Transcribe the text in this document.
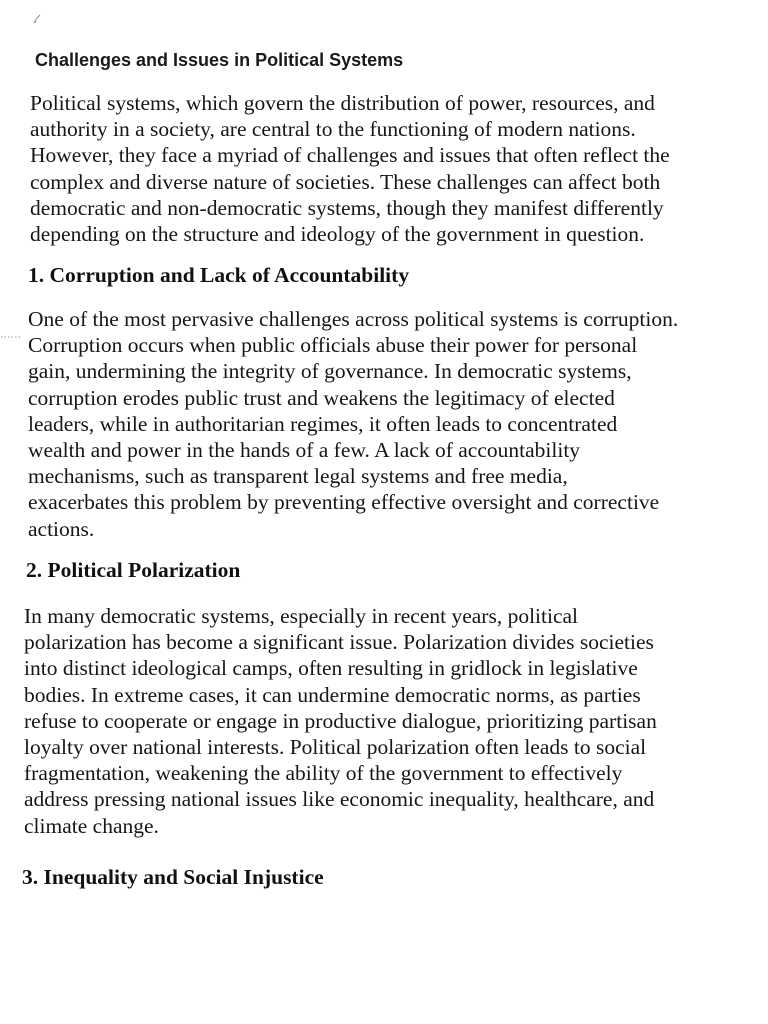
Challenges and Issues in Political Systems

Political systems, which govern the distribution of power, resources, and
authority in a society, are central to the functioning of modern nations.
However, they face a myriad of challenges and issues that often reflect the
complex and diverse nature of societies. These challenges can affect both
democratic and non-democratic systems, though they manifest differently
depending on the structure and ideology of the government in question.

1. Corruption and Lack of Accountability

One of the most pervasive challenges across political systems is corruption.
Corruption occurs when public officials abuse their power for personal
gain, undermining the integrity of governance. In democratic systems,
corruption erodes public trust and weakens the legitimacy of elected
leaders, while in authoritarian regimes, it often leads to concentrated
wealth and power in the hands of a few. A lack of accountability
mechanisms, such as transparent legal systems and free media,
exacerbates this problem by preventing effective oversight and corrective
actions.

2. Political Polarization

In many democratic systems, especially in recent years, political
polarization has become a significant issue. Polarization divides societies
into distinct ideological camps, often resulting in gridlock in legislative
bodies. In extreme cases, it can undermine democratic norms, as parties
refuse to cooperate or engage in productive dialogue, prioritizing partisan
loyalty over national interests. Political polarization often leads to social
fragmentation, weakening the ability of the government to effectively
address pressing national issues like economic inequality, healthcare, and
climate change.

3. Inequality and Social Injustice
